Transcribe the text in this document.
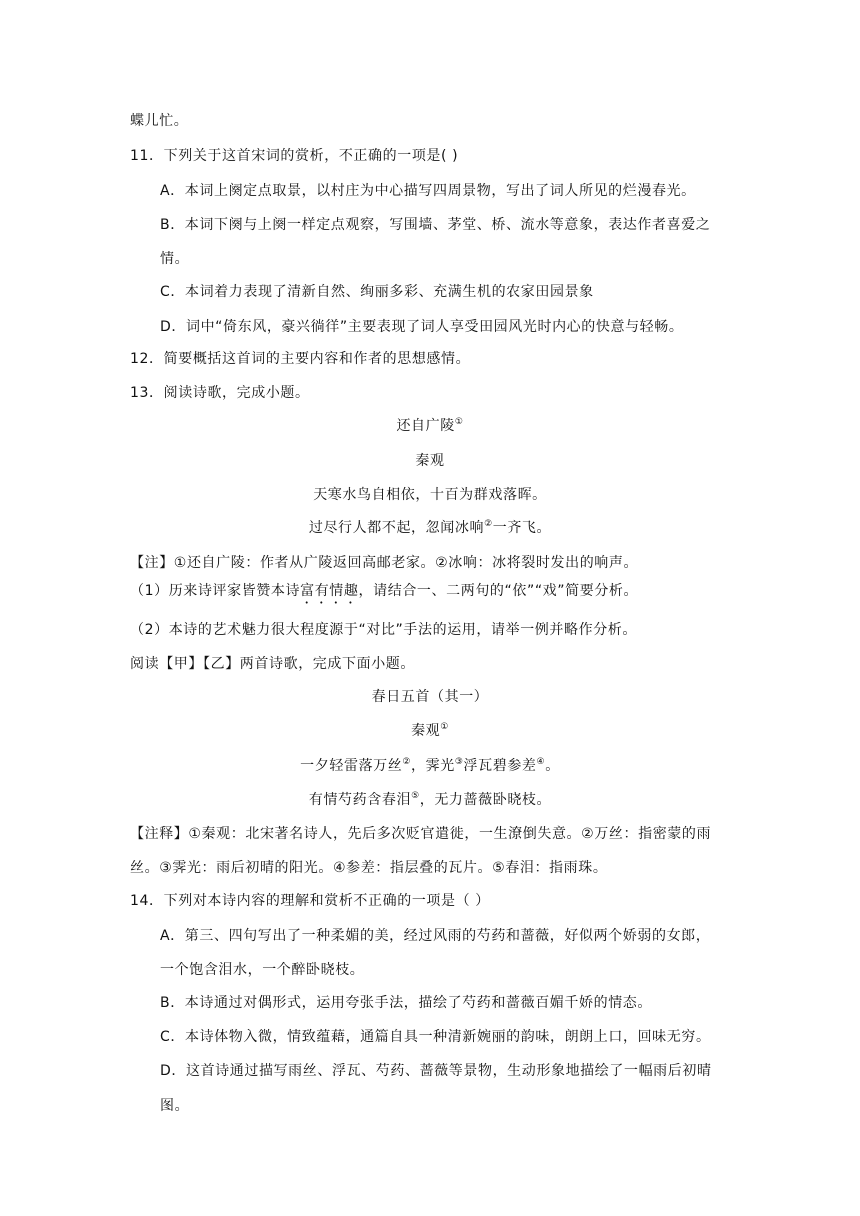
蝶儿忙。
11．下列关于这首宋词的赏析，不正确的一项是( )
A．本词上阕定点取景，以村庄为中心描写四周景物，写出了词人所见的烂漫春光。
B．本词下阕与上阕一样定点观察，写围墙、茅堂、桥、流水等意象，表达作者喜爱之
情。
C．本词着力表现了清新自然、绚丽多彩、充满生机的农家田园景象
D．词中“倚东风，豪兴徜徉”主要表现了词人享受田园风光时内心的快意与轻畅。
12．简要概括这首词的主要内容和作者的思想感情。
13．阅读诗歌，完成小题。
还自广陵①
秦观
天寒水鸟自相依，十百为群戏落晖。
过尽行人都不起，忽闻冰响②一齐飞。
【注】①还自广陵：作者从广陵返回高邮老家。②冰响：冰将裂时发出的响声。
（1）历来诗评家皆赞本诗富有情趣，请结合一、二两句的“依”“戏”简要分析。
（2）本诗的艺术魅力很大程度源于“对比”手法的运用，请举一例并略作分析。
阅读【甲】【乙】两首诗歌，完成下面小题。
春日五首（其一）
秦观①
一夕轻雷落万丝②，霁光③浮瓦碧参差④。
有情芍药含春泪⑤，无力蔷薇卧晓枝。
【注释】①秦观：北宋著名诗人，先后多次贬官遣徙，一生潦倒失意。②万丝：指密蒙的雨
丝。③霁光：雨后初晴的阳光。④参差：指层叠的瓦片。⑤春泪：指雨珠。
14．下列对本诗内容的理解和赏析不正确的一项是（ ）
A．第三、四句写出了一种柔媚的美，经过风雨的芍药和蔷薇，好似两个娇弱的女郎，
一个饱含泪水，一个醉卧晓枝。
B．本诗通过对偶形式，运用夸张手法，描绘了芍药和蔷薇百媚千娇的情态。
C．本诗体物入微，情致蕴藉，通篇自具一种清新婉丽的韵味，朗朗上口，回味无穷。
D．这首诗通过描写雨丝、浮瓦、芍药、蔷薇等景物，生动形象地描绘了一幅雨后初晴
图。
